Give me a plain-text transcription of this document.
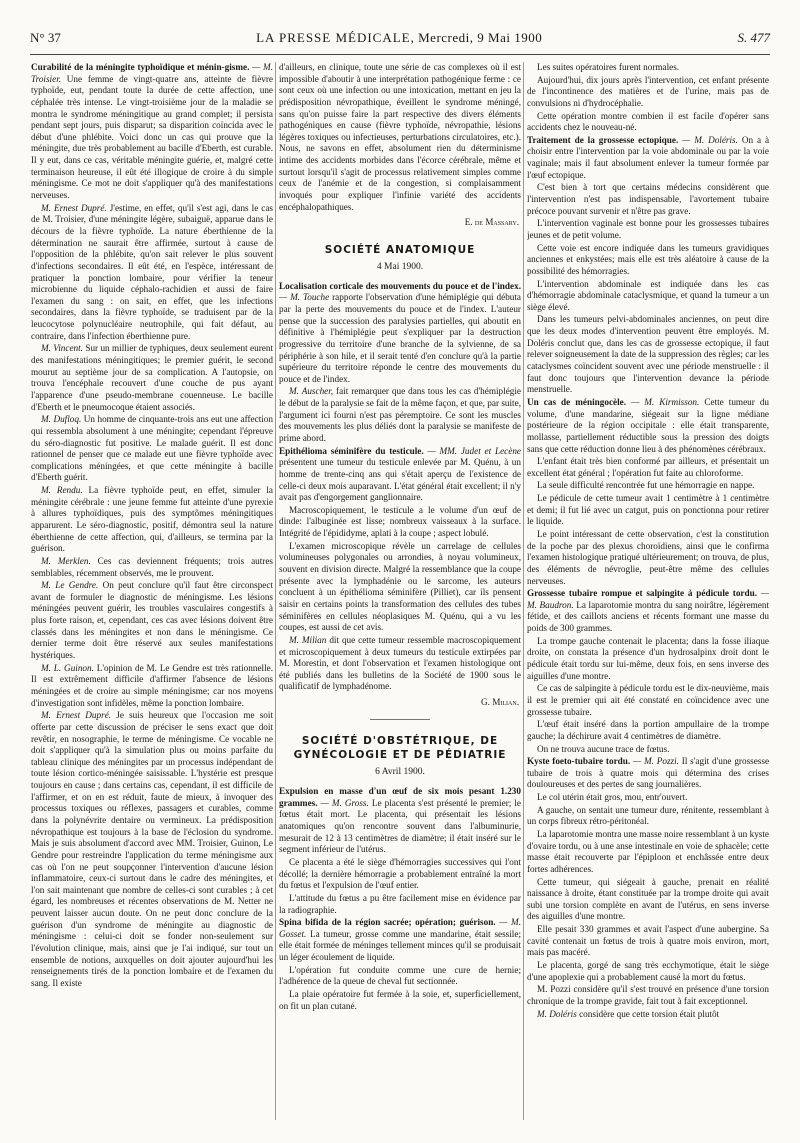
N° 37	LA PRESSE MÉDICALE, Mercredi, 9 Mai 1900	S. 477

Curabilité de la méningite typhoïdique et ménin-gisme. — M. Troisier. Une femme de vingt-quatre ans, atteinte de fièvre typhoïde, eut, pendant toute la durée de cette affection, une céphalée très intense. Le vingt-troisième jour de la maladie se montra le syndrome méningitique au grand complet; il persista pendant sept jours, puis disparut; sa disparition coïncida avec le début d'une phlébite. Voici donc un cas qui prouve que la méningite, due très probablement au bacille d'Eberth, est curable. Il y eut, dans ce cas, véritable méningite guérie, et, malgré cette terminaison heureuse, il eût été illogique de croire à du simple méningisme. Ce mot ne doit s'appliquer qu'à des manifestations nerveuses.

M. Ernest Dupré. J'estime, en effet, qu'il s'est agi, dans le cas de M. Troisier, d'une méningite légère, subaiguë, apparue dans le décours de la fièvre typhoïde. La nature éberthienne de la détermination ne saurait être affirmée, surtout à cause de l'opposition de la phlébite, qu'on sait relever le plus souvent d'infections secondaires. Il eût été, en l'espèce, intéressant de pratiquer la ponction lombaire, pour vérifier la teneur microbienne du liquide céphalo-rachidien et aussi de faire l'examen du sang : on sait, en effet, que les infections secondaires, dans la fièvre typhoïde, se traduisent par de la leucocytose polynucléaire neutrophile, qui fait défaut, au contraire, dans l'infection éberthienne pure.

M. Vincent. Sur un millier de typhiques, deux seulement eurent des manifestations méningitiques; le premier guérit, le second mourut au septième jour de sa complication. A l'autopsie, on trouva l'encéphale recouvert d'une couche de pus ayant l'apparence d'une pseudo-membrane couenneuse. Le bacille d'Eberth et le pneumocoque étaient associés.

M. Dufloq. Un homme de cinquante-trois ans eut une affection qui ressembla absolument à une méningite; cependant l'épreuve du séro-diagnostic fut positive. Le malade guérit. Il est donc rationnel de penser que ce malade eut une fièvre typhoïde avec complications méningées, et que cette méningite à bacille d'Eberth guérit.

M. Rendu. La fièvre typhoïde peut, en effet, simuler la méningite cérébrale : une jeune femme fut atteinte d'une pyrexie à allures typhoïdiques, puis des symptômes méningitiques apparurent. Le séro-diagnostic, positif, démontra seul la nature éberthienne de cette affection, qui, d'ailleurs, se termina par la guérison.

M. Merklen. Ces cas deviennent fréquents; trois autres semblables, récemment observés, me le prouvent.

M. Le Gendre. On peut conclure qu'il faut être circonspect avant de formuler le diagnostic de méningisme. Les lésions méningées peuvent guérir, les troubles vasculaires congestifs à plus forte raison, et, cependant, ces cas avec lésions doivent être classés dans les méningites et non dans le méningisme. Ce dernier terme doit être réservé aux seules manifestations hystériques.

M. L. Guinon. L'opinion de M. Le Gendre est très rationnelle. Il est extrêmement difficile d'affirmer l'absence de lésions méningées et de croire au simple méningisme; car nos moyens d'investigation sont infidèles, même la ponction lombaire.

M. Ernest Dupré. Je suis heureux que l'occasion me soit offerte par cette discussion de préciser le sens exact que doit revêtir, en nosographie, le terme de méningisme. Ce vocable ne doit s'appliquer qu'à la simulation plus ou moins parfaite du tableau clinique des méningites par un processus indépendant de toute lésion cortico-méningée saisissable. L'hystérie est presque toujours en cause ; dans certains cas, cependant, il est difficile de l'affirmer, et on en est réduit, faute de mieux, à invoquer des processus toxiques ou réflexes, passagers et curables, comme dans la polynévrite dentaire ou vermineux. La prédisposition névropathique est toujours à la base de l'éclosion du syndrome. Mais je suis absolument d'accord avec MM. Troisier, Guinon, Le Gendre pour restreindre l'application du terme méningisme aux cas où l'on ne peut soupçonner l'intervention d'aucune lésion inflammatoire, ceux-ci surtout dans le cadre des méningites, et l'on sait maintenant que nombre de celles-ci sont curables ; à cet égard, les nombreuses et récentes observations de M. Netter ne peuvent laisser aucun doute. On ne peut donc conclure de la guérison d'un syndrome de méningite au diagnostic de méningisme : celui-ci doit se fonder non-seulement sur l'évolution clinique, mais, ainsi que je l'ai indiqué, sur tout un ensemble de notions, auxquelles on doit ajouter aujourd'hui les renseignements tirés de la ponction lombaire et de l'examen du sang. Il existe

d'ailleurs, en clinique, toute une série de cas complexes où il est impossible d'aboutir à une interprétation pathogénique ferme : ce sont ceux où une infection ou une intoxication, mettant en jeu la prédisposition névropathique, éveillent le syndrome méningé, sans qu'on puisse faire la part respective des divers éléments pathogéniques en cause (fièvre typhoïde, névropathie, lésions légères toxiques ou infectieuses, perturbations circulatoires, etc.). Nous, ne savons en effet, absolument rien du déterminisme intime des accidents morbides dans l'écorce cérébrale, même et surtout lorsqu'il s'agit de processus relativement simples comme ceux de l'anémie et de la congestion, si complaisamment invoqués pour expliquer l'infinie variété des accidents encéphalopathiques.

E. de Massary.

SOCIÉTÉ ANATOMIQUE
4 Mai 1900.

Localisation corticale des mouvements du pouce et de l'index. — M. Touche rapporte l'observation d'une hémiplégie qui débuta par la perte des mouvements du pouce et de l'index. L'auteur pense que la succession des paralysies partielles, qui aboutit en définitive à l'hémiplégie peut s'expliquer par la destruction progressive du territoire d'une branche de la sylvienne, de sa périphérie à son hile, et il serait tenté d'en conclure qu'à la partie supérieure du territoire réponde le centre des mouvements du pouce et de l'index.

M. Auscher, fait remarquer que dans tous les cas d'hémiplégie le début de la paralysie se fait de la même façon, et que, par suite, l'argument ici fourni n'est pas péremptoire. Ce sont les muscles des mouvements les plus déliés dont la paralysie se manifeste de prime abord.

Epithélioma séminifère du testicule. — MM. Judet et Lecène présentent une tumeur du testicule enlevée par M. Quénu, à un homme de trente-cinq ans qui s'était aperçu de l'existence de celle-ci deux mois auparavant. L'état général était excellent; il n'y avait pas d'engorgement ganglionnaire.

Macroscopiquement, le testicule a le volume d'un œuf de dinde: l'albuginée est lisse; nombreux vaisseaux à la surface. Intégrité de l'épididyme, aplati à la coupe ; aspect lobulé.

L'examen microscopique révèle un carrelage de cellules volumineuses polygonales ou arrondies, à noyau volumineux, souvent en division directe. Malgré la ressemblance que la coupe présente avec la lymphadénie ou le sarcome, les auteurs concluent à un épithélioma séminifère (Pilliet), car ils pensent saisir en certains points la transformation des cellules des tubes séminifères en cellules néoplasiques M. Quénu, qui a vu les coupes, est aussi de cet avis.

M. Milian dit que cette tumeur ressemble macroscopiquement et microscopiquement à deux tumeurs du testicule extirpées par M. Morestin, et dont l'observation et l'examen histologique ont été publiés dans les bulletins de la Société de 1900 sous le qualificatif de lymphadénome.

G. Milian.

SOCIÉTÉ D'OBSTÉTRIQUE, DE GYNÉCOLOGIE ET DE PÉDIATRIE
6 Avril 1900.

Expulsion en masse d'un œuf de six mois pesant 1.230 grammes. — M. Gross. Le placenta s'est présenté le premier; le fœtus était mort. Le placenta, qui présentait les lésions anatomiques qu'on rencontre souvent dans l'albuminurie, mesurait de 12 à 13 centimètres de diamètre; il était inséré sur le segment inférieur de l'utérus.

Ce placenta a été le siège d'hémorragies successives qui l'ont décollé; la dernière hémorragie a probablement entraîné la mort du fœtus et l'expulsion de l'œuf entier.

L'attitude du fœtus a pu être facilement mise en évidence par la radiographie.

Spina bifida de la région sacrée; opération; guérison. — M. Gosset. La tumeur, grosse comme une mandarine, était sessile; elle était formée de méninges tellement minces qu'il se produisait un léger écoulement de liquide.

L'opération fut conduite comme une cure de hernie; l'adhérence de la queue de cheval fut sectionnée.

La plaie opératoire fut fermée à la soie, et, superficiellement, on fit un plan cutané.

Les suites opératoires furent normales.

Aujourd'hui, dix jours après l'intervention, cet enfant présente de l'incontinence des matières et de l'urine, mais pas de convulsions ni d'hydrocéphalie.

Cette opération montre combien il est facile d'opérer sans accidents chez le nouveau-né.

Traitement de la grossesse ectopique. — M. Doléris. On a à choisir entre l'intervention par la voie abdominale ou par la voie vaginale; mais il faut absolument enlever la tumeur formée par l'œuf ectopique.

C'est bien à tort que certains médecins considèrent que l'intervention n'est pas indispensable, l'avortement tubaire précoce pouvant survenir et n'être pas grave.

L'intervention vaginale est bonne pour les grossesses tubaires jeunes et de petit volume.

Cette voie est encore indiquée dans les tumeurs gravidiques anciennes et enkystées; mais elle est très aléatoire à cause de la possibilité des hémorragies.

L'intervention abdominale est indiquée dans les cas d'hémorragie abdominale cataclysmique, et quand la tumeur a un siège élevé.

Dans les tumeurs pelvi-abdominales anciennes, on peut dire que les deux modes d'intervention peuvent être employés. M. Doléris conclut que, dans les cas de grossesse ectopique, il faut relever soigneusement la date de la suppression des règles; car les cataclysmes coïncident souvent avec une période menstruelle : il faut donc toujours que l'intervention devance la période menstruelle.

Un cas de méningocèle. — M. Kirmisson. Cette tumeur du volume, d'une mandarine, siégeait sur la ligne médiane postérieure de la région occipitale : elle était transparente, mollasse, partiellement réductible sous la pression des doigts sans que cette réduction donne lieu à des phénomènes cérébraux.

L'enfant était très bien conformé par ailleurs, et présentait un excellent état général ; l'opération fut faite au chloroforme.

La seule difficulté rencontrée fut une hémorragie en nappe.

Le pédicule de cette tumeur avait 1 centimètre à 1 centimètre et demi; il fut lié avec un catgut, puis on ponctionna pour retirer le liquide.

Le point intéressant de cette observation, c'est la constitution de la poche par des plexus choroïdiens, ainsi que le confirma l'examen histologique pratiqué ultérieurement; on trouva, de plus, des éléments de névroglie, peut-être même des cellules nerveuses.

Grossesse tubaire rompue et salpingite à pédicule tordu. — M. Baudron. La laparotomie montra du sang noirâtre, légèrement fétide, et des caillots anciens et récents formant une masse du poids de 300 grammes.

La trompe gauche contenait le placenta; dans la fosse iliaque droite, on constata la présence d'un hydrosalpinx droit dont le pédicule était tordu sur lui-même, deux fois, en sens inverse des aiguilles d'une montre.

Ce cas de salpingite à pédicule tordu est le dix-neuvième, mais il est le premier qui ait été constaté en coïncidence avec une grossesse tubaire.

L'œuf était inséré dans la portion ampullaire de la trompe gauche; la déchirure avait 4 centimètres de diamètre.

On ne trouva aucune trace de fœtus.

Kyste foeto-tubaire tordu. — M. Pozzi. Il s'agit d'une grossesse tubaire de trois à quatre mois qui détermina des crises douloureuses et des pertes de sang journalières.

Le col utérin était gros, mou, entr'ouvert.

A gauche, on sentait une tumeur dure, rénitente, ressemblant à un corps fibreux rétro-péritonéal.

La laparotomie montra une masse noire ressemblant à un kyste d'ovaire tordu, ou à une anse intestinale en voie de sphacèle; cette masse était recouverte par l'épiploon et enchâssée entre deux fortes adhérences.

Cette tumeur, qui siégeait à gauche, prenait en réalité naissance à droite, étant constituée par la trompe droite qui avait subi une torsion complète en avant de l'utérus, en sens inverse des aiguilles d'une montre.

Elle pesait 330 grammes et avait l'aspect d'une aubergine. Sa cavité contenait un fœtus de trois à quatre mois environ, mort, mais pas macéré.

Le placenta, gorgé de sang très ecchymotique, était le siège d'une apoplexie qui a probablement causé la mort du fœtus.

M. Pozzi considère qu'il s'est trouvé en présence d'une torsion chronique de la trompe gravide, fait tout à fait exceptionnel.

M. Doléris considère que cette torsion était plutôt
